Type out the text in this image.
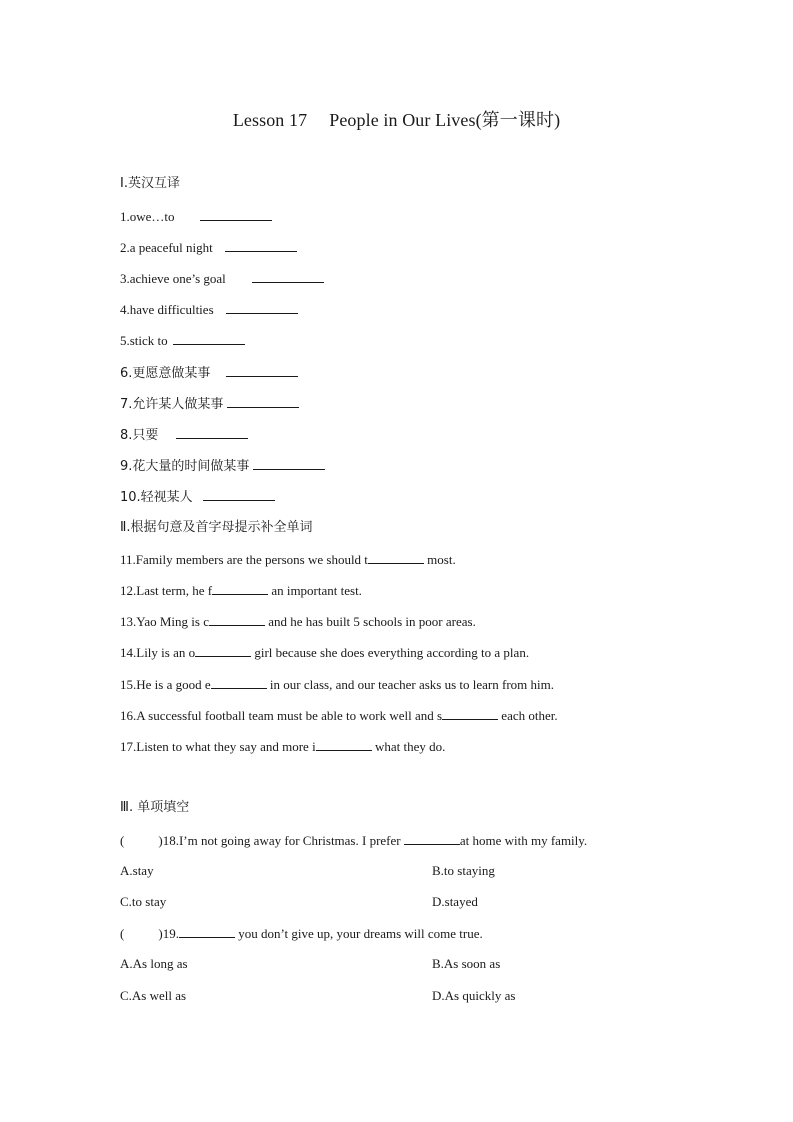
Lesson 17 People in Our Lives(第一课时)
Ⅰ.英汉互译
1.owe…to
2.a peaceful night
3.achieve one’s goal
4.have difficulties
5.stick to
6.更愿意做某事
7.允许某人做某事
8.只要
9.花大量的时间做某事
10.轻视某人
Ⅱ.根据句意及首字母提示补全单词
11.Family members are the persons we should t	most.
12.Last term, he f	an important test.
13.Yao Ming is c	and he has built 5 schools in poor areas.
14.Lily is an o	girl because she does everything according to a plan.
15.He is a good e	in our class, and our teacher asks us to learn from him.
16.A successful football team must be able to work well and s	each other.
17.Listen to what they say and more i	what they do.
Ⅲ. 单项填空
(	)18.I’m not going away for Christmas. I prefer	at home with my family.
A.stay	B.to staying
C.to stay	D.stayed
(	)19.	you don’t give up, your dreams will come true.
A.As long as	B.As soon as
C.As well as	D.As quickly as
